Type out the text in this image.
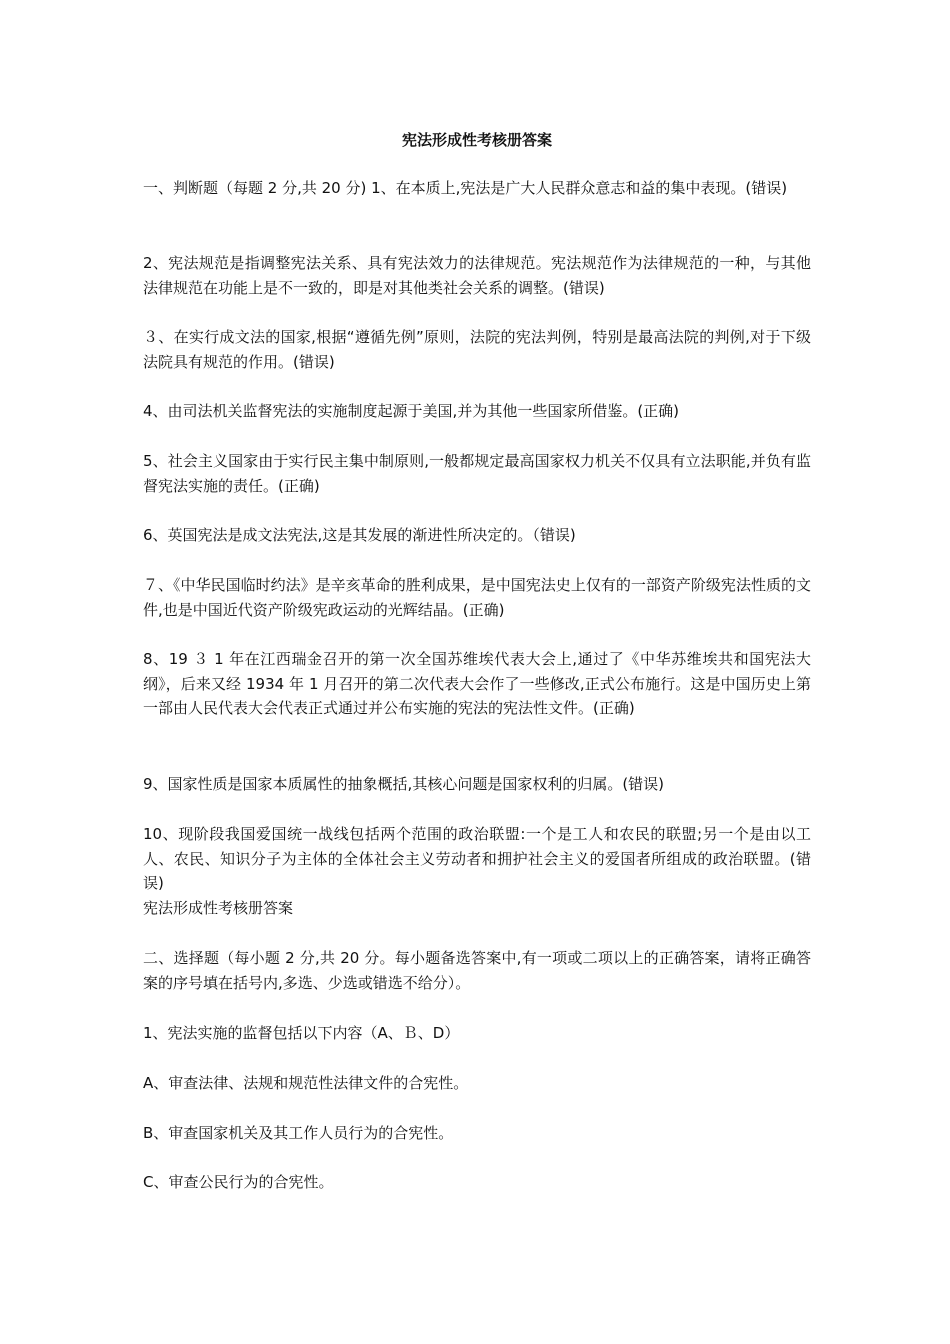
宪法形成性考核册答案
一、判断题（每题 2 分,共 20 分) 1、在本质上,宪法是广大人民群众意志和益的集中表现。(错误)
2、宪法规范是指调整宪法关系、具有宪法效力的法律规范。宪法规范作为法律规范的一种，与其他法律规范在功能上是不一致的，即是对其他类社会关系的调整。(错误)
３、在实行成文法的国家,根据“遵循先例”原则，法院的宪法判例，特别是最高法院的判例,对于下级法院具有规范的作用。(错误)
4、由司法机关监督宪法的实施制度起源于美国,并为其他一些国家所借鉴。(正确)
5、社会主义国家由于实行民主集中制原则,一般都规定最高国家权力机关不仅具有立法职能,并负有监督宪法实施的责任。(正确)
6、英国宪法是成文法宪法,这是其发展的渐进性所决定的。（错误)
７、《中华民国临时约法》是辛亥革命的胜利成果，是中国宪法史上仅有的一部资产阶级宪法性质的文件,也是中国近代资产阶级宪政运动的光辉结晶。(正确)
8、19 ３ 1 年在江西瑞金召开的第一次全国苏维埃代表大会上,通过了《中华苏维埃共和国宪法大纲》，后来又经 1934 年 1 月召开的第二次代表大会作了一些修改,正式公布施行。这是中国历史上第一部由人民代表大会代表正式通过并公布实施的宪法的宪法性文件。(正确)
9、国家性质是国家本质属性的抽象概括,其核心问题是国家权利的归属。(错误)
10、现阶段我国爱国统一战线包括两个范围的政治联盟:一个是工人和农民的联盟;另一个是由以工人、农民、知识分子为主体的全体社会主义劳动者和拥护社会主义的爱国者所组成的政治联盟。(错误)
宪法形成性考核册答案
二、选择题（每小题 2 分,共 20 分。每小题备选答案中,有一项或二项以上的正确答案，请将正确答案的序号填在括号内,多选、少选或错选不给分）。
1、宪法实施的监督包括以下内容（A、Ｂ、D）
A、审查法律、法规和规范性法律文件的合宪性。
B、审查国家机关及其工作人员行为的合宪性。
C、审查公民行为的合宪性。
